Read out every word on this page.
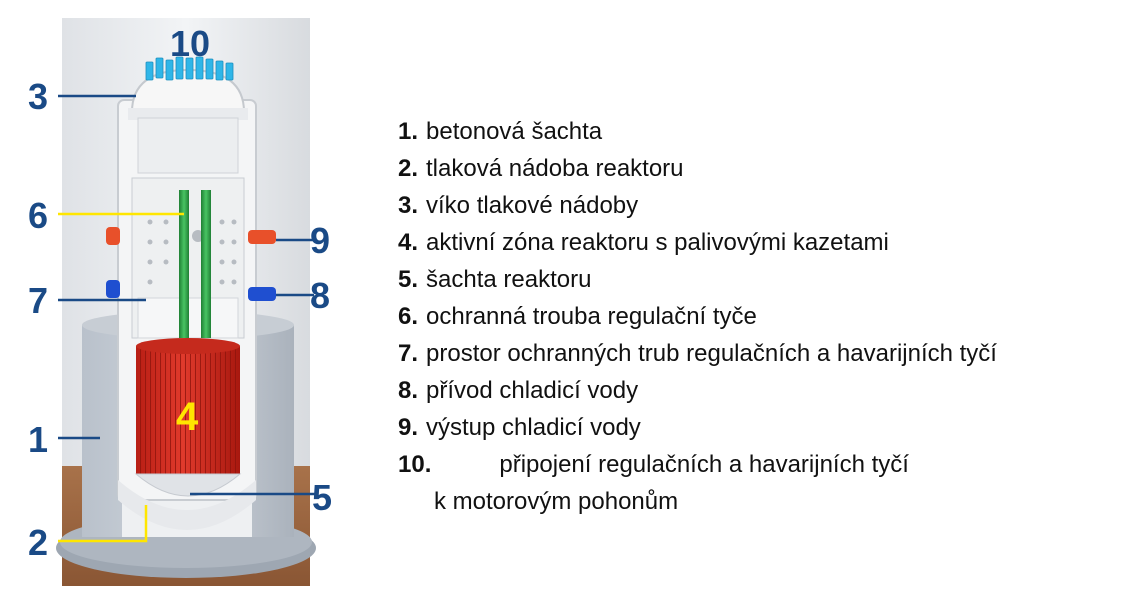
10
3
6
7
1
2
9
8
5
4
1. betonová šachta
2. tlaková nádoba reaktoru
3. víko tlakové nádoby
4. aktivní zóna reaktoru s palivovými kazetami
5. šachta reaktoru
6. ochranná trouba regulační tyče
7. prostor ochranných trub regulačních a havarijních tyčí
8. přívod chladicí vody
9. výstup chladicí vody
10.	připojení regulačních a havarijních tyčí
k motorovým pohonům
